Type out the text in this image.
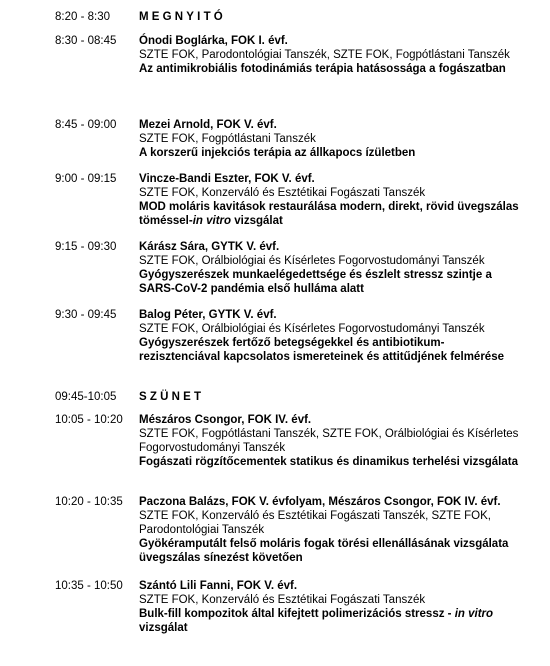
8:20 - 8:30	MEGNYITÓ
8:30 - 08:45 Ónodi Boglárka, FOK I. évf.
SZTE FOK, Parodontológiai Tanszék, SZTE FOK, Fogpótlástani Tanszék
Az antimikrobiális fotodinámiás terápia hatásossága a fogászatban
8:45 - 09:00 Mezei Arnold, FOK V. évf.
SZTE FOK, Fogpótlástani Tanszék
A korszerű injekciós terápia az állkapocs ízületben
9:00 - 09:15 Vincze-Bandi Eszter, FOK V. évf.
SZTE FOK, Konzerváló és Esztétikai Fogászati Tanszék
MOD moláris kavitások restaurálása modern, direkt, rövid üvegszálas töméssel-in vitro vizsgálat
9:15 - 09:30 Kárász Sára, GYTK V. évf.
SZTE FOK, Orálbiológiai és Kísérletes Fogorvostudományi Tanszék
Gyógyszerészek munkaelégedettsége és észlelt stressz szintje a SARS-CoV-2 pandémia első hulláma alatt
9:30 - 09:45 Balog Péter, GYTK V. évf.
SZTE FOK, Orálbiológiai és Kísérletes Fogorvostudományi Tanszék
Gyógyszerészek fertőző betegségekkel és antibiotikum-rezisztenciával kapcsolatos ismereteinek és attitűdjének felmérése
09:45-10:05 SZÜNET
10:05 - 10:20 Mészáros Csongor, FOK IV. évf.
SZTE FOK, Fogpótlástani Tanszék, SZTE FOK, Orálbiológiai és Kísérletes Fogorvostudományi Tanszék
Fogászati rögzítőcementek statikus és dinamikus terhelési vizsgálata
10:20 - 10:35 Paczona Balázs, FOK V. évfolyam, Mészáros Csongor, FOK IV. évf.
SZTE FOK, Konzerváló és Esztétikai Fogászati Tanszék, SZTE FOK, Parodontológiai Tanszék
Gyökéramputált felső moláris fogak törési ellenállásának vizsgálata üvegszálas sínezést követően
10:35 - 10:50 Szántó Lili Fanni, FOK V. évf.
SZTE FOK, Konzerváló és Esztétikai Fogászati Tanszék
Bulk-fill kompozitok által kifejtett polimerizációs stressz - in vitro vizsgálat
